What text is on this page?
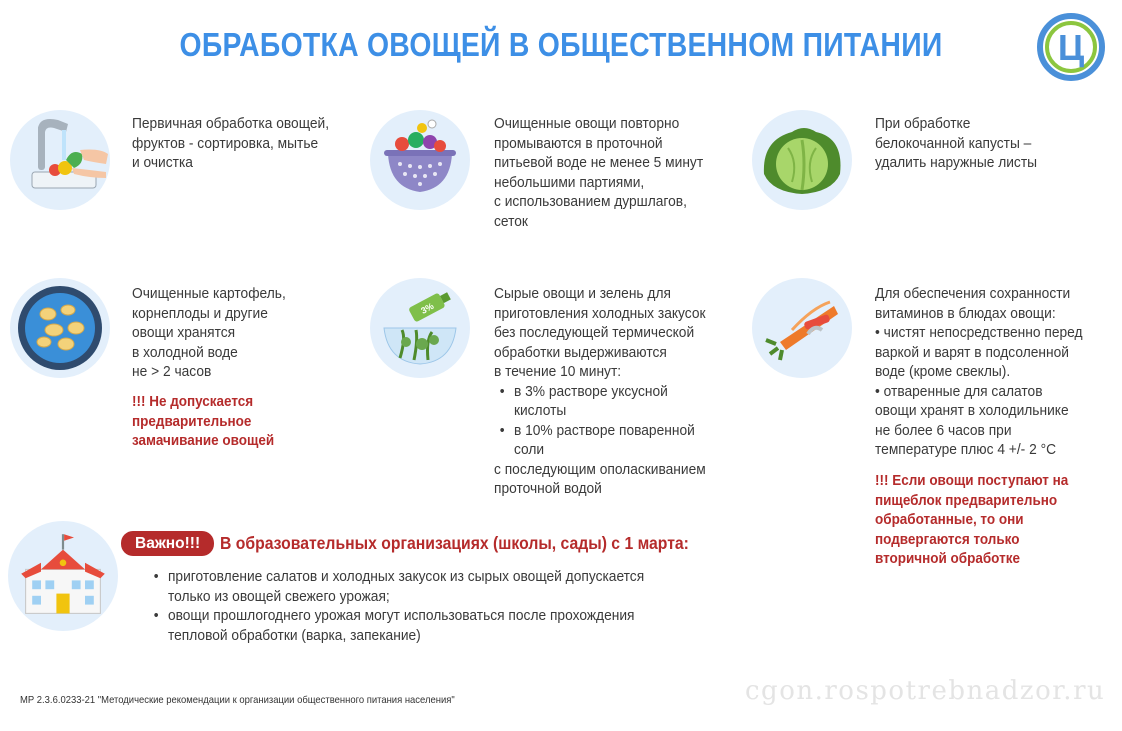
ОБРАБОТКА ОВОЩЕЙ В ОБЩЕСТВЕННОМ ПИТАНИИ	Ц
Первичная обработка овощей,
фруктов - сортировка, мытье
и очистка
Очищенные овощи повторно
промываются в проточной
питьевой воде не менее 5 минут
небольшими партиями,
с использованием дуршлагов,
сеток
При обработке
белокочанной капусты –
удалить наружные листы
Очищенные картофель,
корнеплоды и другие
овощи хранятся
в холодной воде
не > 2 часов
!!! Не допускается
предварительное
замачивание овощей
3%
Сырые овощи и зелень для
приготовления холодных закусок
без последующей термической
обработки выдерживаются
в течение 10 минут:
• в 3% растворе уксусной
кислоты
• в 10% растворе поваренной
соли
с последующим ополаскиванием
проточной водой
Для обеспечения сохранности
витаминов в блюдах овощи:
• чистят непосредственно перед
варкой и варят в подсоленной
воде (кроме свеклы).
• отваренные для салатов
овощи хранят в холодильнике
не более 6 часов при
температуре плюс 4 +/- 2 °С
!!! Если овощи поступают на
пищеблок предварительно
обработанные, то они
подвергаются только
вторичной обработке
Важно!!!	В образовательных организациях (школы, сады) с 1 марта:
• приготовление салатов и холодных закусок из сырых овощей допускается
только из овощей свежего урожая;
• овощи прошлогоднего урожая могут использоваться после прохождения
тепловой обработки (варка, запекание)
МР 2.3.6.0233-21 "Методические рекомендации к организации общественного питания населения"	cgon.rospotrebnadzor.ru
